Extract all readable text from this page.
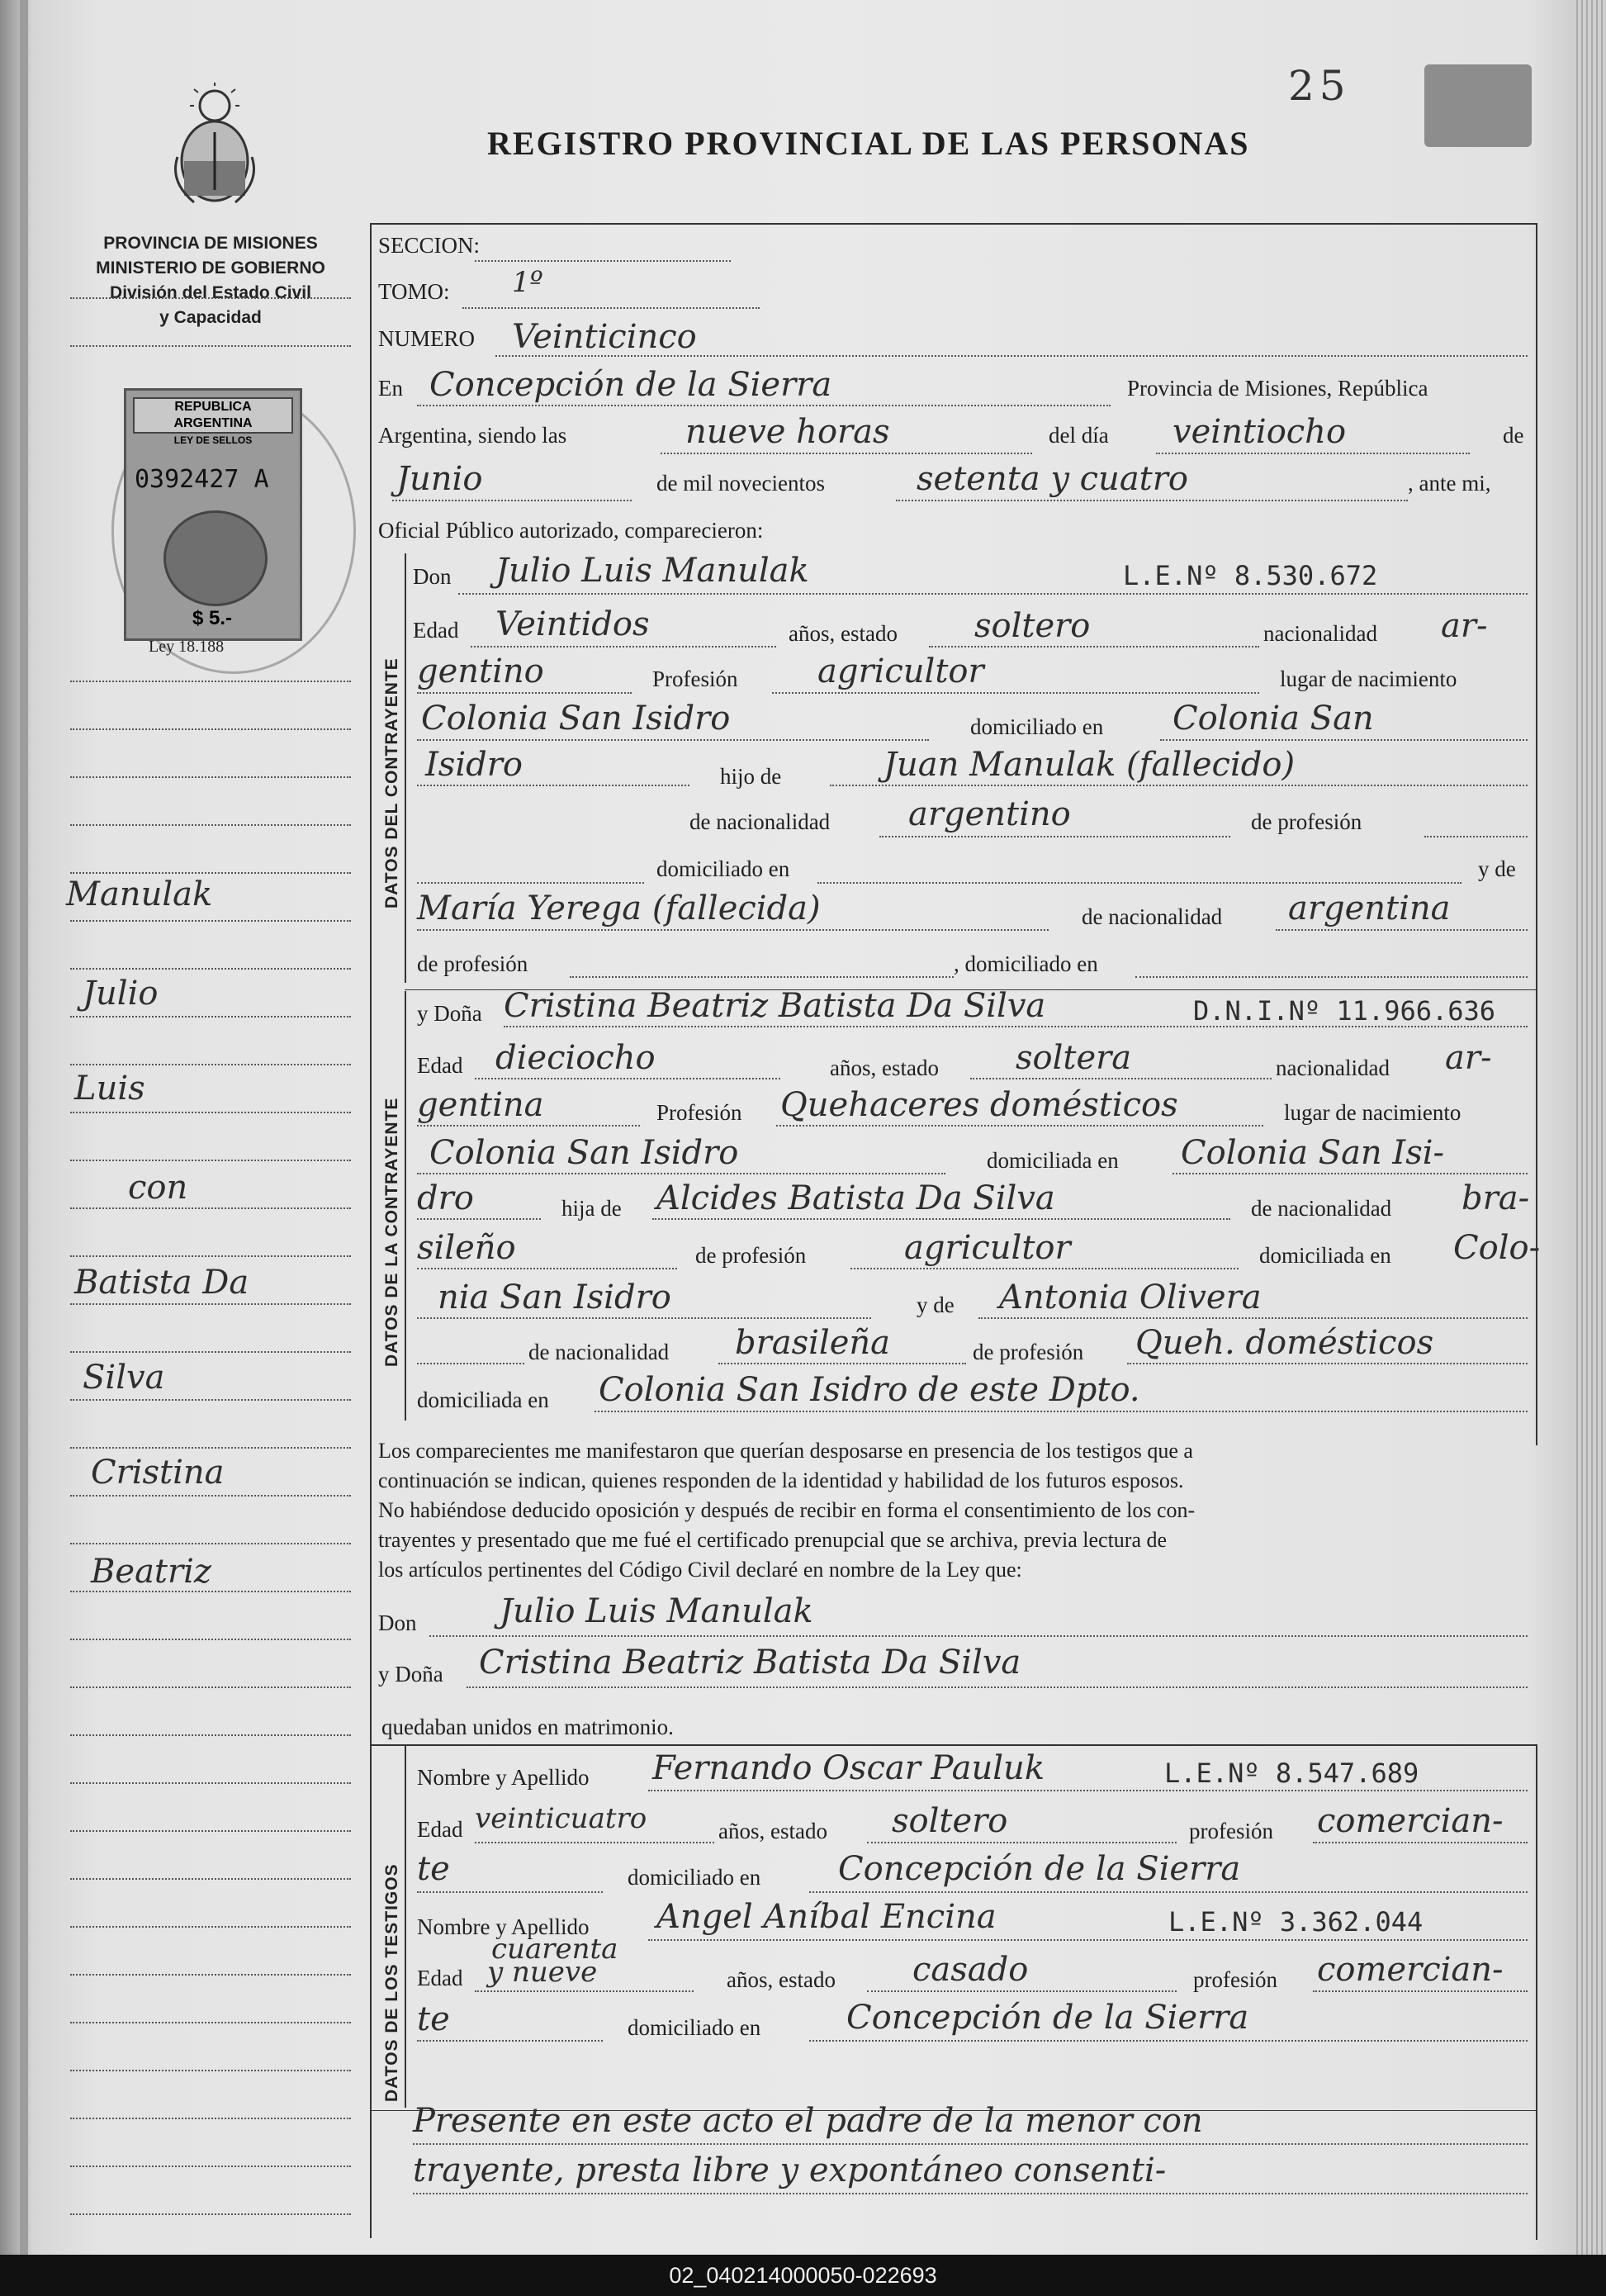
25
REGISTRO PROVINCIAL DE LAS PERSONAS
PROVINCIA DE MISIONES
MINISTERIO DE GOBIERNO
División del Estado Civil
y Capacidad
REPUBLICA ARGENTINA
LEY DE SELLOS
0392427 A
$ 5.-
Ley 18.188
Manulak
Julio
Luis
con
Batista Da
Silva
Cristina
Beatriz
SECCION:
TOMO: 1º
NUMERO Veinticinco
En Concepción de la Sierra	Provincia de Misiones, República
Argentina, siendo las	nueve horas	del día veintiocho	de
Junio	de mil novecientos	setenta y cuatro	, ante mi,
Oficial Público autorizado, comparecieron:
DATOS DEL CONTRAYENTE
Don Julio Luis Manulak	L.E.Nº 8.530.672
Edad Veintidos	años, estado soltero	nacionalidad ar-
gentino	Profesión agricultor	lugar de nacimiento
Colonia San Isidro	domiciliado en Colonia San
Isidro	hijo de	Juan Manulak (fallecido)
de nacionalidad argentino	de profesión
domiciliado en	y de
María Yerega (fallecida)	de nacionalidad argentina
de profesión	, domiciliado en
DATOS DE LA CONTRAYENTE
y Doña Cristina Beatriz Batista Da Silva	D.N.I.Nº 11.966.636
Edad dieciocho	años, estado soltera	nacionalidad ar-
gentina	Profesión Quehaceres domésticos	lugar de nacimiento
Colonia San Isidro	domiciliada en Colonia San Isi-
dro	hija de Alcides Batista Da Silva	de nacionalidad bra-
sileño	de profesión	agricultor	domiciliada en Colo-
nia San Isidro	y de Antonia Olivera
de nacionalidad brasileña	de profesión Queh. domésticos
domiciliada en Colonia San Isidro de este Dpto.
Los comparecientes me manifestaron que querían desposarse en presencia de los testigos que a
continuación se indican, quienes responden de la identidad y habilidad de los futuros esposos.
No habiéndose deducido oposición y después de recibir en forma el consentimiento de los con-
trayentes y presentado que me fué el certificado prenupcial que se archiva, previa lectura de
los artículos pertinentes del Código Civil declaré en nombre de la Ley que:
Don	Julio Luis Manulak
y Doña Cristina Beatriz Batista Da Silva
quedaban unidos en matrimonio.
DATOS DE LOS TESTIGOS
Nombre y Apellido Fernando Oscar Pauluk	L.E.Nº 8.547.689
Edad veinticuatro	años, estado soltero	profesión comercian-
te	domiciliado en Concepción de la Sierra
Nombre y Apellido Angel Aníbal Encina	L.E.Nº 3.362.044
cuarenta
Edad y nueve	años, estado casado	profesión comercian-
te	domiciliado en	Concepción de la Sierra
Presente en este acto el padre de la menor con
trayente, presta libre y expontáneo consenti-
02_040214000050-022693
